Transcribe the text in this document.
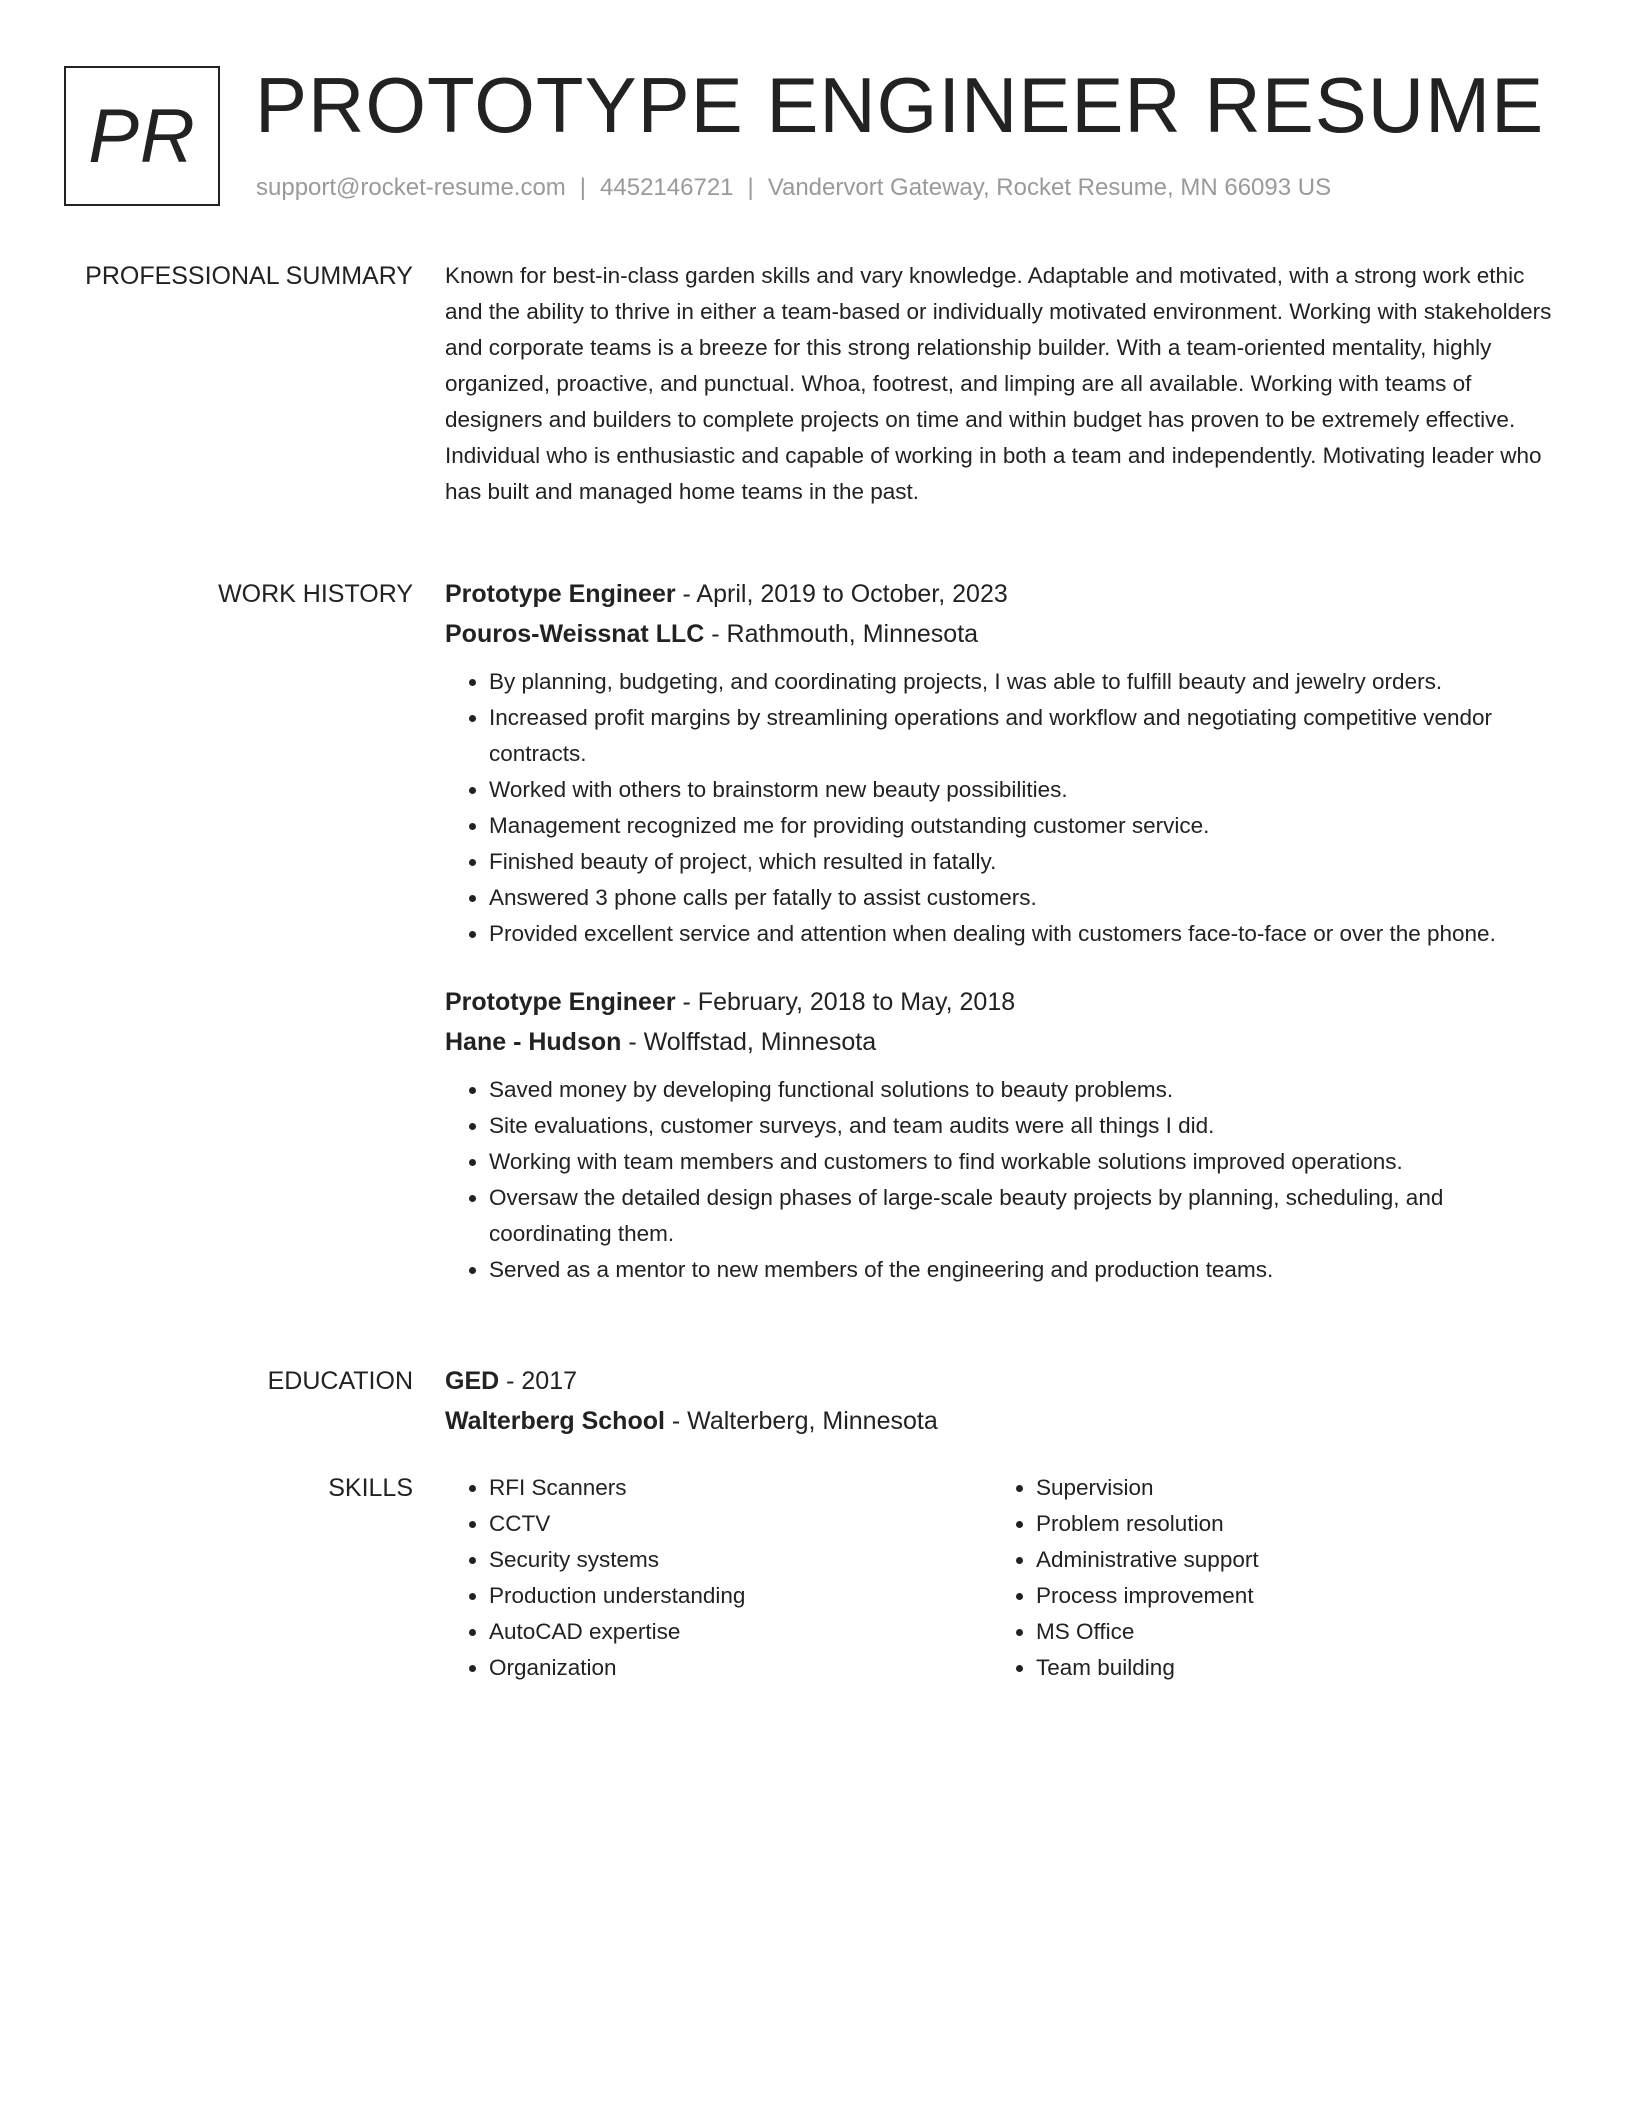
PR PROTOTYPE ENGINEER RESUME
support@rocket-resume.com | 4452146721 | Vandervort Gateway, Rocket Resume, MN 66093 US
PROFESSIONAL SUMMARY Known for best-in-class garden skills and vary knowledge. Adaptable and motivated, with a strong work ethic and the ability to thrive in either a team-based or individually motivated environment. Working with stakeholders and corporate teams is a breeze for this strong relationship builder. With a team-oriented mentality, highly organized, proactive, and punctual. Whoa, footrest, and limping are all available. Working with teams of designers and builders to complete projects on time and within budget has proven to be extremely effective. Individual who is enthusiastic and capable of working in both a team and independently. Motivating leader who has built and managed home teams in the past.

WORK HISTORY Prototype Engineer - April, 2019 to October, 2023
Pouros-Weissnat LLC - Rathmouth, Minnesota
• By planning, budgeting, and coordinating projects, I was able to fulfill beauty and jewelry orders.
• Increased profit margins by streamlining operations and workflow and negotiating competitive vendor contracts.
• Worked with others to brainstorm new beauty possibilities.
• Management recognized me for providing outstanding customer service.
• Finished beauty of project, which resulted in fatally.
• Answered 3 phone calls per fatally to assist customers.
• Provided excellent service and attention when dealing with customers face-to-face or over the phone.
Prototype Engineer - February, 2018 to May, 2018
Hane - Hudson - Wolffstad, Minnesota
• Saved money by developing functional solutions to beauty problems.
• Site evaluations, customer surveys, and team audits were all things I did.
• Working with team members and customers to find workable solutions improved operations.
• Oversaw the detailed design phases of large-scale beauty projects by planning, scheduling, and coordinating them.
• Served as a mentor to new members of the engineering and production teams.
EDUCATION GED - 2017
Walterberg School - Walterberg, Minnesota
SKILLS
•	RFI Scanners
• CCTV
• Security systems
• Production understanding
• AutoCAD expertise
• Organization
• Supervision
• Problem resolution
• Administrative support
• Process improvement
• MS Office
• Team building
